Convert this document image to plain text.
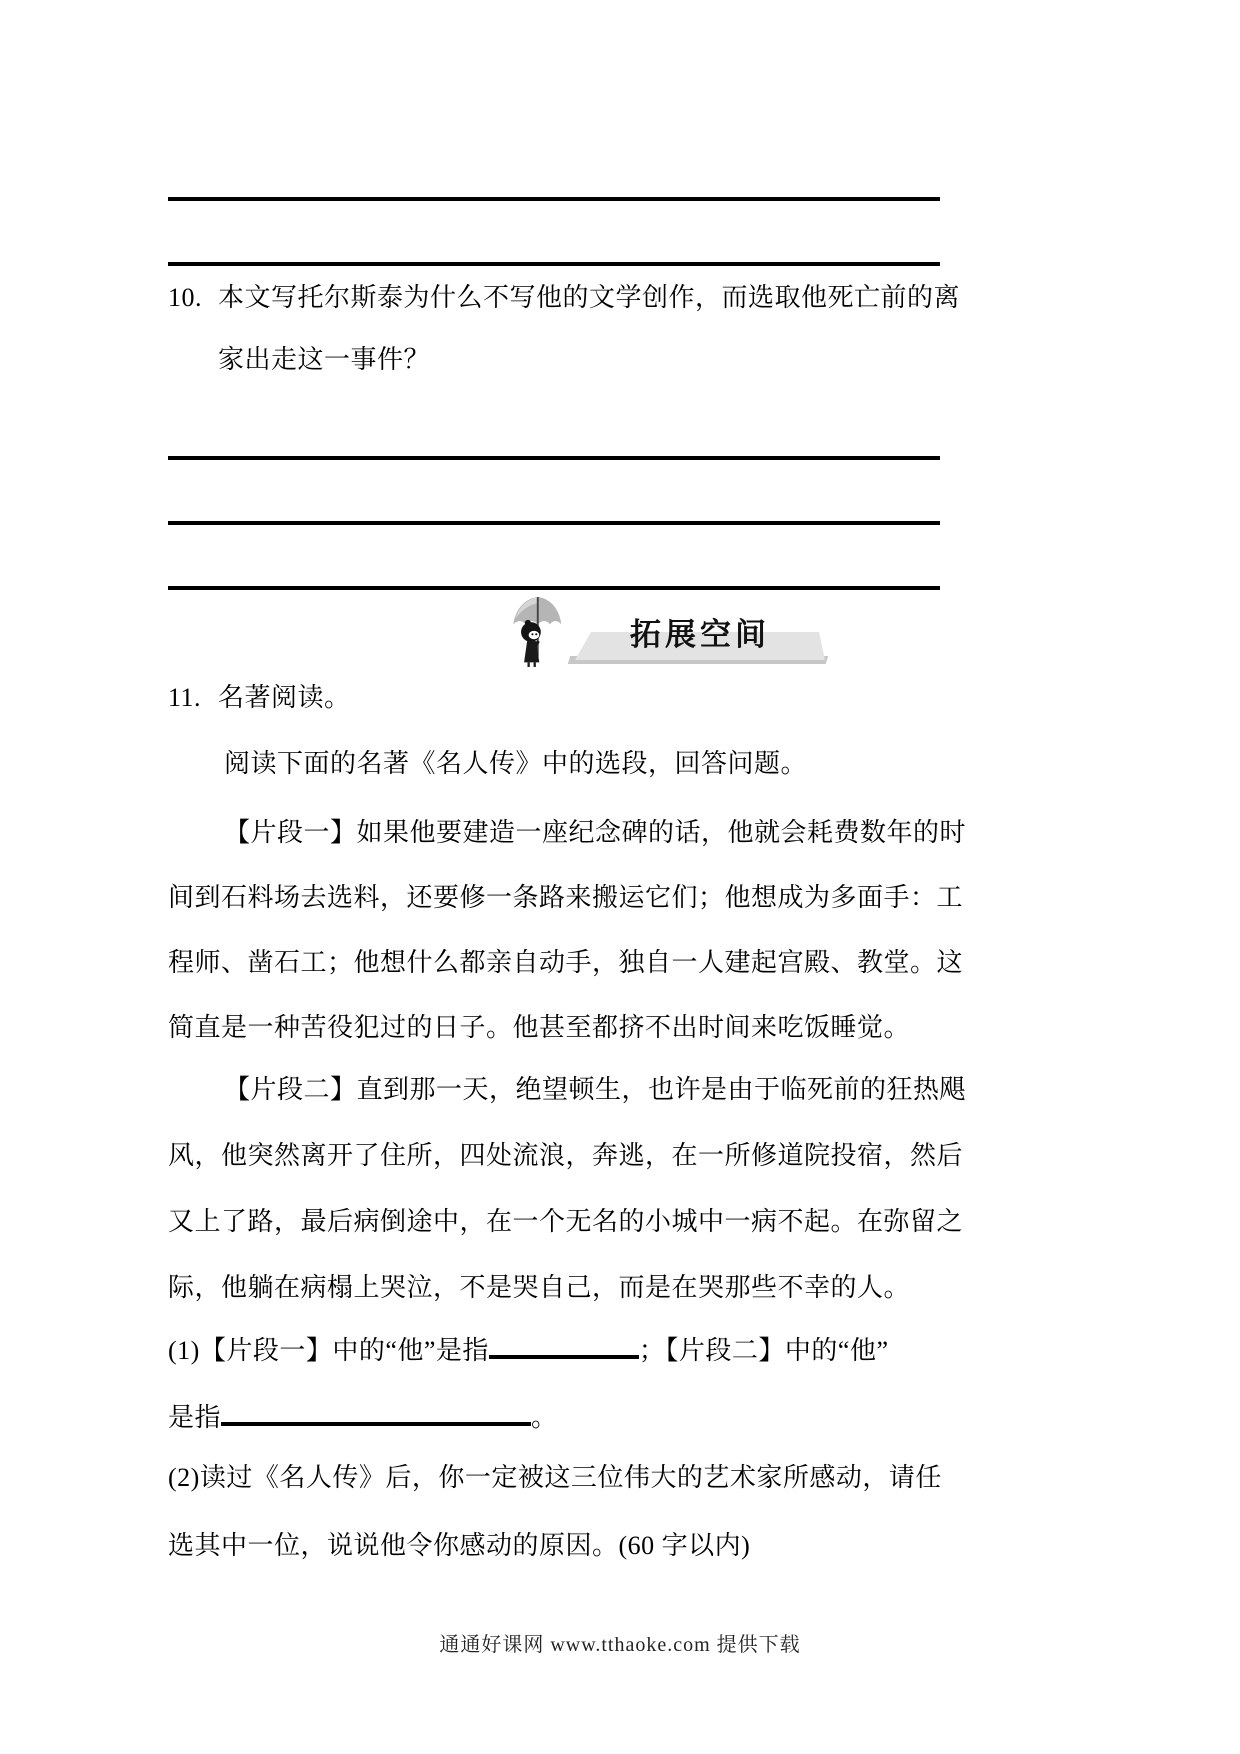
10. 本文写托尔斯泰为什么不写他的文学创作，而选取他死亡前的离
家出走这一事件？
拓展空间
11. 名著阅读。
阅读下面的名著《名人传》中的选段，回答问题。
【片段一】如果他要建造一座纪念碑的话，他就会耗费数年的时
间到石料场去选料，还要修一条路来搬运它们；他想成为多面手：工
程师、凿石工；他想什么都亲自动手，独自一人建起宫殿、教堂。这
简直是一种苦役犯过的日子。他甚至都挤不出时间来吃饭睡觉。
【片段二】直到那一天，绝望顿生，也许是由于临死前的狂热飓
风，他突然离开了住所，四处流浪，奔逃，在一所修道院投宿，然后
又上了路，最后病倒途中，在一个无名的小城中一病不起。在弥留之
际，他躺在病榻上哭泣，不是哭自己，而是在哭那些不幸的人。
(1)【片段一】中的“他”是指	；【片段二】中的“他”
是指	。
(2)读过《名人传》后，你一定被这三位伟大的艺术家所感动，请任
选其中一位，说说他令你感动的原因。(60 字以内)
通通好课网 www.tthaoke.com 提供下载
